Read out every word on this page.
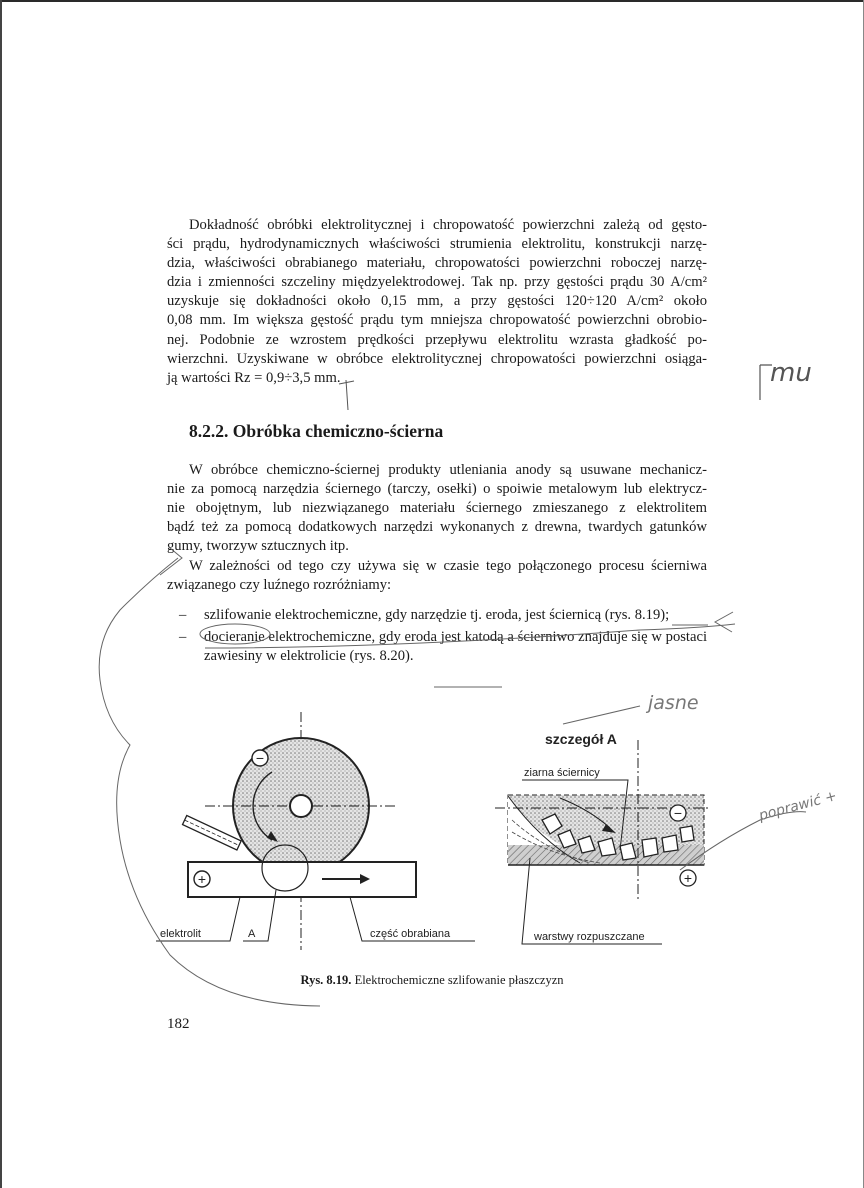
Dokładność obróbki elektrolitycznej i chropowatość powierzchni zależą od gęsto-
ści prądu, hydrodynamicznych właściwości strumienia elektrolitu, konstrukcji narzę-
dzia, właściwości obrabianego materiału, chropowatości powierzchni roboczej narzę-
dzia i zmienności szczeliny międzyelektrodowej. Tak np. przy gęstości prądu 30 A/cm²
uzyskuje się dokładności około 0,15 mm, a przy gęstości 120÷120 A/cm² około
0,08 mm. Im większa gęstość prądu tym mniejsza chropowatość powierzchni obrobio-
nej. Podobnie ze wzrostem prędkości przepływu elektrolitu wzrasta gładkość po-
wierzchni. Uzyskiwane w obróbce elektrolitycznej chropowatości powierzchni osiąga-
ją wartości Rz = 0,9÷3,5 mm.
8.2.2. Obróbka chemiczno-ścierna
W obróbce chemiczno-ściernej produkty utleniania anody są usuwane mechanicz-
nie za pomocą narzędzia ściernego (tarczy, osełki) o spoiwie metalowym lub elektrycz-
nie obojętnym, lub niezwiązanego materiału ściernego zmieszanego z elektrolitem
bądź też za pomocą dodatkowych narzędzi wykonanych z drewna, twardych gatunków
gumy, tworzyw sztucznych itp.
W zależności od tego czy używa się w czasie tego połączonego procesu ścierniwa
związanego czy luźnego rozróżniamy:
– szlifowanie elektrochemiczne, gdy narzędzie tj. eroda, jest ściernicą (rys. 8.19);
– docieranie elektrochemiczne, gdy eroda jest katodą a ścierniwo znajduje się w postaci zawiesiny w elektrolicie (rys. 8.20).
−
+
elektrolit	A	część obrabiana
szczegół A
−
+
ziarna ściernicy
warstwy rozpuszczane
Rys. 8.19. Elektrochemiczne szlifowanie płaszczyzn
182
mu
jasne
poprawić +
